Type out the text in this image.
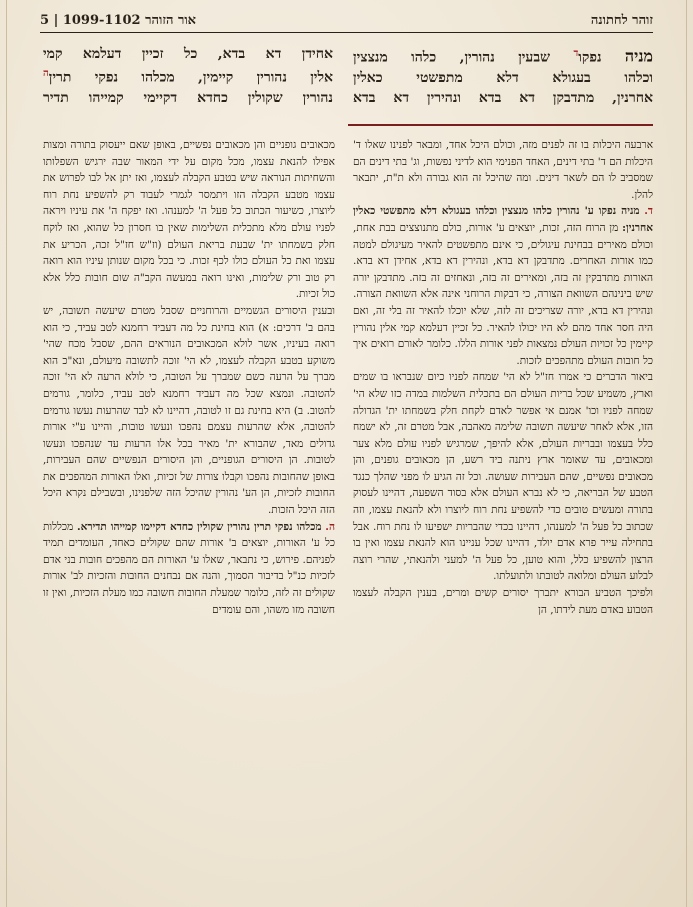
זוהר לחתונה
אור הזוהר 1099-1102 | 5
מניה נפקו$^ד$ שבעין נהורין, כלהו מנצצין
וכלהו בעגולא דלא מתפשטי כאלין
אחרנין, מתדבקן דא בדא ונהירין דא בדא
אחידן דא בדא, כל זכיין דעלמא קמי
אלין נהורין קיימין, מכלהו נפקי תרין$^ה$
נהורין שקולין כחדא דקיימי קמייהו תדיר

ארבעה היכלות בו זה לפנים מזה, וכולם היכל אחד, ומבאר לפנינו שאלו ד' היכלות הם ד' בתי דינים, האחד הפנימי הוא לדיני נפשות, וג' בתי דינים הם שמסביב לו הם לשאר דינים. ומה שהיכל זה הוא גבורה ולא ת"ת, יתבאר להלן.

ד. מניה נפקו ע' נהורין כלהו מנצצין וכלהו בעגולא דלא מתפשטי כאלין אחרנין: מן הרוח הזה, זכות, יוצאים ע' אורות, כולם מתנוצצים בבת אחת, וכולם מאירים בבחינת עיגולים, כי אינם מתפשטים להאיר מעיגולם למטה כמו אורות האחרים. מתדבקן דא בדא, ונהירין דא בדא, אחידן דא בדא. האורות מתדבקין זה בזה, ומאירים זה בזה, ונאחזים זה בזה. מתדבקן יורה שיש בינינהם השוואת הצורה, כי דבקות הרוחני אינה אלא השוואת הצורה. ונהירין דא בדא, יורה שצריכים זה לזה, שלא יוכלו להאיר זה בלי זה, ואם היה חסר אחד מהם לא היו יכולו להאיר. כל זכיין דעלמא קמי אלין נהורין קיימין כל זכויות העולם נמצאות לפני אורות הללו. כלומר לאורם רואים איך כל חובות העולם מתהפכים לזכות.

ביאור הדברים כי אמרו חז"ל לא הי' שמחה לפניו כיום שנבראו בו שמים וארץ, משמיע שכל בריות העולם הם בתכלית השלמות במדה כזו שלא הי' שמחה לפניו וכו' אמנם אי אפשר לאדם לקחת חלק בשמחתו ית' הגדולה הזו, אלא לאחר שיעשה תשובה שלימה מאהבה, אבל מטרם זה, לא ישמח כלל בעצמו ובבריות העולם, אלא להיפך, שמרגיש לפניו עולם מלא צער ומכאובים, עד שאומר ארץ ניתנה ביד רשע, הן מכאובים גופנים, והן מכאובים נפשיים, שהם העבירות שעושה. וכל זה הגיע לו מפני שהלך כנגד הטבע של הבריאה, כי לא נברא העולם אלא בסוד השפעה, דהיינו לעסוק בתורה ומעשים טובים כדי להשפיע נחת רוח ליוצרו ולא להנאת עצמו, וזה שכתוב כל פעל ה' למענהו, דהיינו בכדי שהבריות ישפיעו לו נחת רוח. אבל בתחילה עייר פרא אדם יולד, דהיינו שכל עניינו הוא להנאת עצמו ואין בו הרצון להשפיע כלל, והוא טוען, כל פעל ה' למעני ולהנאתי, שהרי רוצה לבלוע העולם ומלואה לטובתו ולתועלתו.

ולפיכך הטביע הבורא יתברך יסורים קשים ומרים, בענין הקבלה לעצמו הטבוע באדם מעת לידתו, הן

מכאובים גופניים והן מכאובים נפשיים, באופן שאם ייעסוק בתורה ומצות אפילו להנאת עצמו, מכל מקום על ידי המאור שבה ירגיש השפלותו והשחיתות הנוראה שיש בטבע הקבלה לעצמו, ואז יתן אל לבו לפרוש את עצמו מטבע הקבלה הזו ויתמסר לגמרי לעבוד רק להשפיע נחת רוח ליוצרו, כשיעור הכתוב כל פעל ה' למענהו. ואז יפקח ה' את עיניו ויראה לפניו עולם מלא מתכלית השלימות שאין בו חסרון כל שהוא, ואז לוקח חלק בשמחתו ית' שבעת בריאת העולם (וז"ש חז"ל זכה, הכריע את עצמו ואת כל העולם כולו לכף זכות. כי בכל מקום שנותן עיניו הוא רואה רק טוב ורק שלימות, ואינו רואה במעשה הקב"ה שום חובות כלל אלא כול זכיות.

ובענין היסורים הגשמיים והרוחניים שסבל מטרם שיעשה תשובה, יש בהם ב' דרכים: א) הוא בחינת כל מה דעביד רחמנא לטב עביד, כי הוא רואה בעיניו, אשר לולא המכאובים הנוראים ההם, שסבל מכח שהי' משוקע בטבע הקבלה לעצמו, לא הי' זוכה לתשובה מיעולם, ונא"כ הוא מברך על הרעה כשם שמברך על הטובה, כי לולא הרעה לא הי' זוכה להטובה. ונמצא שכל מה דעביד רחמנא לטב עביד, כלומר, גורמים להטוב. ב) היא בחינת גם זו לטובה, דהיינו לא לבד שהרעות נעשו גורמים להטובה, אלא שהרעות עצמם נהפכו ונעשו טובות, והיינו ע"י אורות גדולים מאד, שהבורא ית' מאיר בכל אלו הרעות עד שנהפכו ונעשו לטובות. הן היסורים הגופניים, והן היסורים הנפשיים שהם העבירות, באופן שהחובות נהפכו וקבלו צורות של זכיות, ואלו האורות המהפכים את החובות לזכיות, הן הע' נהורין שהיכל הזה שלפנינו, ובשבילם נקרא היכל הזה היכל הזכות.

ה. מכלהו נפקי תרין נהורין שקולין כחדא דקיימו קמייהו תדירא. מכללות כל ע' האורות, יוצאים ב' אורות שהם שקולים כאחד, העומדים תמיד לפניהם. פירוש, כי נתבאר, שאלו ע' האורות הם מהפכים חובות בני אדם לזכיות כנ"ל בדיבור הסמוך, והנה אם נבחנים החובות והזכיות לב' אורות שקולים זה לזה, כלומר שמעלת החובות חשובה כמו מעלת הזכיות, ואין זו חשובה מזו משהו, והם עומדים
